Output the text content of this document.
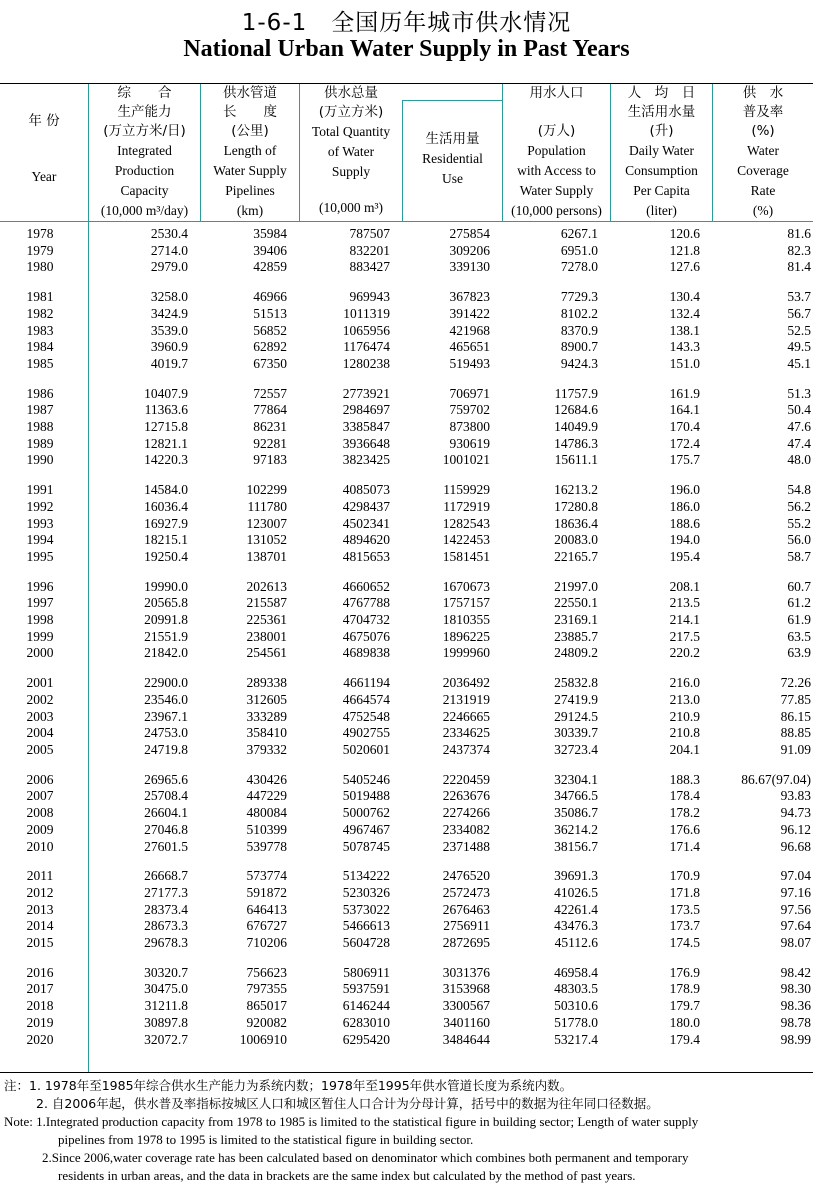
1-6-1　全国历年城市供水情况
National Urban Water Supply in Past Years
年 份
Year
综　　合
生产能力
(万立方米/日)
Integrated
Production
Capacity
(10,000 m³/day)
供水管道
长　　度
(公里)
Length of
Water Supply
Pipelines
(km)
供水总量
(万立方米)
Total Quantity
of Water
Supply
(10,000 m³)
生活用量
Residential
Use
用水人口
(万人)
Population
with Access to
Water Supply
(10,000 persons)
人　均　日
生活用水量
(升)
Daily Water
Consumption
Per Capita
(liter)
供　水
普及率
(%)
Water
Coverage
Rate
(%)
1978	2530.4	35984	787507	275854	6267.1	120.6	81.6
1979	2714.0	39406	832201	309206	6951.0	121.8	82.3
1980	2979.0	42859	883427	339130	7278.0	127.6	81.4

1981	3258.0	46966	969943	367823	7729.3	130.4	53.7
1982	3424.9	51513	1011319	391422	8102.2	132.4	56.7
1983	3539.0	56852	1065956	421968	8370.9	138.1	52.5
1984	3960.9	62892	1176474	465651	8900.7	143.3	49.5
1985	4019.7	67350	1280238	519493	9424.3	151.0	45.1

1986	10407.9	72557	2773921	706971	11757.9	161.9	51.3
1987	11363.6	77864	2984697	759702	12684.6	164.1	50.4
1988	12715.8	86231	3385847	873800	14049.9	170.4	47.6
1989	12821.1	92281	3936648	930619	14786.3	172.4	47.4
1990	14220.3	97183	3823425	1001021	15611.1	175.7	48.0

1991	14584.0	102299	4085073	1159929	16213.2	196.0	54.8
1992	16036.4	111780	4298437	1172919	17280.8	186.0	56.2
1993	16927.9	123007	4502341	1282543	18636.4	188.6	55.2
1994	18215.1	131052	4894620	1422453	20083.0	194.0	56.0
1995	19250.4	138701	4815653	1581451	22165.7	195.4	58.7

1996	19990.0	202613	4660652	1670673	21997.0	208.1	60.7
1997	20565.8	215587	4767788	1757157	22550.1	213.5	61.2
1998	20991.8	225361	4704732	1810355	23169.1	214.1	61.9
1999	21551.9	238001	4675076	1896225	23885.7	217.5	63.5
2000	21842.0	254561	4689838	1999960	24809.2	220.2	63.9

2001	22900.0	289338	4661194	2036492	25832.8	216.0	72.26
2002	23546.0	312605	4664574	2131919	27419.9	213.0	77.85
2003	23967.1	333289	4752548	2246665	29124.5	210.9	86.15
2004	24753.0	358410	4902755	2334625	30339.7	210.8	88.85
2005	24719.8	379332	5020601	2437374	32723.4	204.1	91.09

2006	26965.6	430426	5405246	2220459	32304.1	188.3	86.67(97.04)
2007	25708.4	447229	5019488	2263676	34766.5	178.4	93.83
2008	26604.1	480084	5000762	2274266	35086.7	178.2	94.73
2009	27046.8	510399	4967467	2334082	36214.2	176.6	96.12
2010	27601.5	539778	5078745	2371488	38156.7	171.4	96.68

2011	26668.7	573774	5134222	2476520	39691.3	170.9	97.04
2012	27177.3	591872	5230326	2572473	41026.5	171.8	97.16
2013	28373.4	646413	5373022	2676463	42261.4	173.5	97.56
2014	28673.3	676727	5466613	2756911	43476.3	173.7	97.64
2015	29678.3	710206	5604728	2872695	45112.6	174.5	98.07

2016	30320.7	756623	5806911	3031376	46958.4	176.9	98.42
2017	30475.0	797355	5937591	3153968	48303.5	178.9	98.30
2018	31211.8	865017	6146244	3300567	50310.6	179.7	98.36
2019	30897.8	920082	6283010	3401160	51778.0	180.0	98.78
2020	32072.7	1006910	6295420	3484644	53217.4	179.4	98.99
注：1. 1978年至1985年综合供水生产能力为系统内数；1978年至1995年供水管道长度为系统内数。
2. 自2006年起，供水普及率指标按城区人口和城区暂住人口合计为分母计算，括号中的数据为往年同口径数据。
Note: 1.Integrated production capacity from 1978 to 1985 is limited to the statistical figure in building sector; Length of water supply
pipelines from 1978 to 1995 is limited to the statistical figure in building sector.
2.Since 2006,water coverage rate has been calculated based on denominator which combines both permanent and temporary
residents in urban areas, and the data in brackets are the same index but calculated by the method of past years.
